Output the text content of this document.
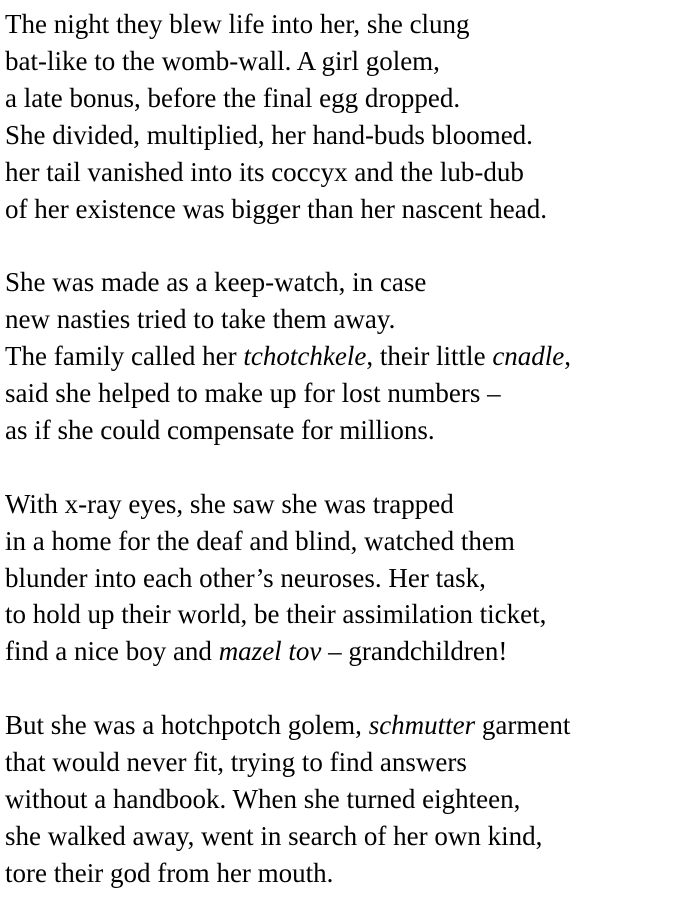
The night they blew life into her, she clung
bat-like to the womb-wall. A girl golem,
a late bonus, before the final egg dropped.
She divided, multiplied, her hand-buds bloomed.
her tail vanished into its coccyx and the lub-dub
of her existence was bigger than her nascent head.
She was made as a keep-watch, in case
new nasties tried to take them away.
The family called her tchotchkele, their little cnadle,
said she helped to make up for lost numbers –
as if she could compensate for millions.
With x-ray eyes, she saw she was trapped
in a home for the deaf and blind, watched them
blunder into each other’s neuroses. Her task,
to hold up their world, be their assimilation ticket,
find a nice boy and mazel tov – grandchildren!
But she was a hotchpotch golem, schmutter garment
that would never fit, trying to find answers
without a handbook. When she turned eighteen,
she walked away, went in search of her own kind,
tore their god from her mouth.
